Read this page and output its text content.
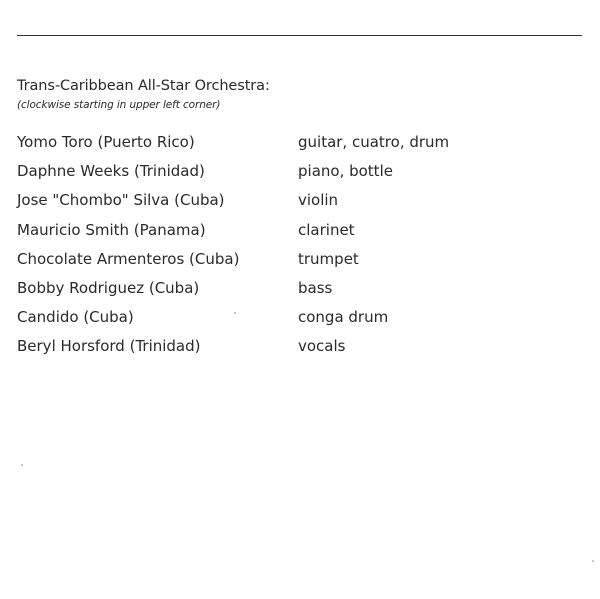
Trans-Caribbean All-Star Orchestra:
(clockwise starting in upper left corner)
Yomo Toro (Puerto Rico)	guitar, cuatro, drum
Daphne Weeks (Trinidad)	piano, bottle
Jose "Chombo" Silva (Cuba)	violin
Mauricio Smith (Panama)	clarinet
Chocolate Armenteros (Cuba)	trumpet
Bobby Rodriguez (Cuba)	bass
Candido (Cuba)	conga drum
Beryl Horsford (Trinidad)	vocals
